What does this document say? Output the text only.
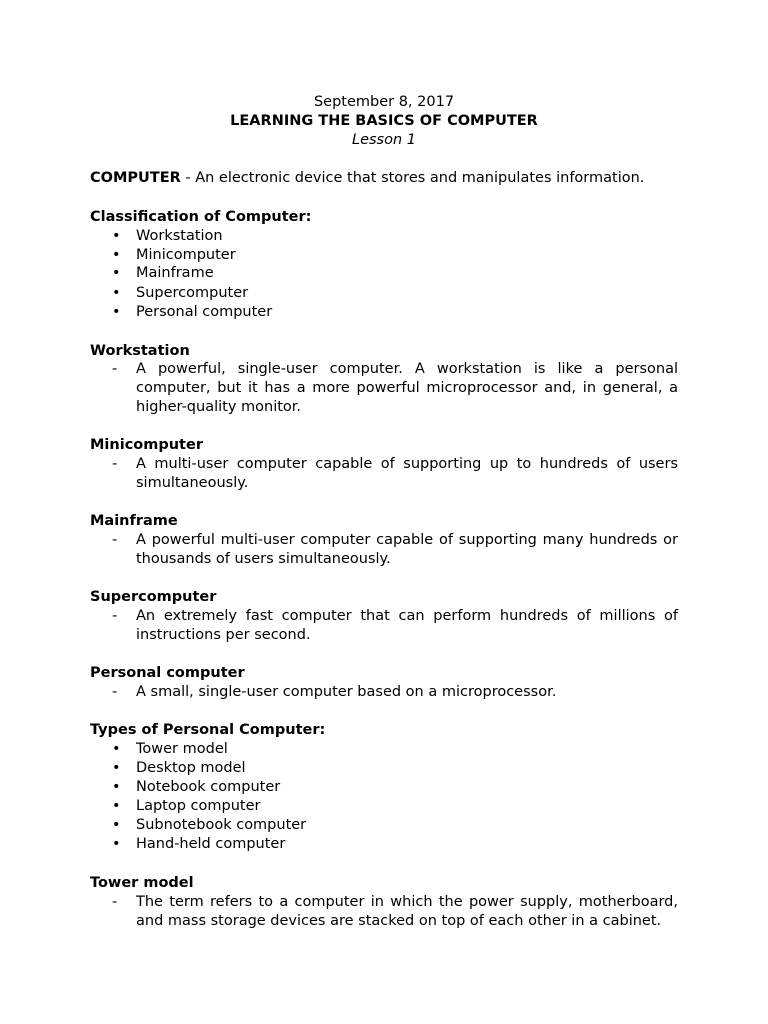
September 8, 2017
LEARNING THE BASICS OF COMPUTER
Lesson 1
COMPUTER - An electronic device that stores and manipulates information.
Classification of Computer:
• Workstation
• Minicomputer
• Mainframe
• Supercomputer
• Personal computer
Workstation
- A powerful, single-user computer. A workstation is like a personal computer, but it has a more powerful microprocessor and, in general, a higher-quality monitor.
Minicomputer
- A multi-user computer capable of supporting up to hundreds of users simultaneously.
Mainframe
- A powerful multi-user computer capable of supporting many hundreds or thousands of users simultaneously.
Supercomputer
- An extremely fast computer that can perform hundreds of millions of instructions per second.
Personal computer
- A small, single-user computer based on a microprocessor.
Types of Personal Computer:
• Tower model
• Desktop model
• Notebook computer
• Laptop computer
• Subnotebook computer
• Hand-held computer
Tower model
- The term refers to a computer in which the power supply, motherboard, and mass storage devices are stacked on top of each other in a cabinet.
